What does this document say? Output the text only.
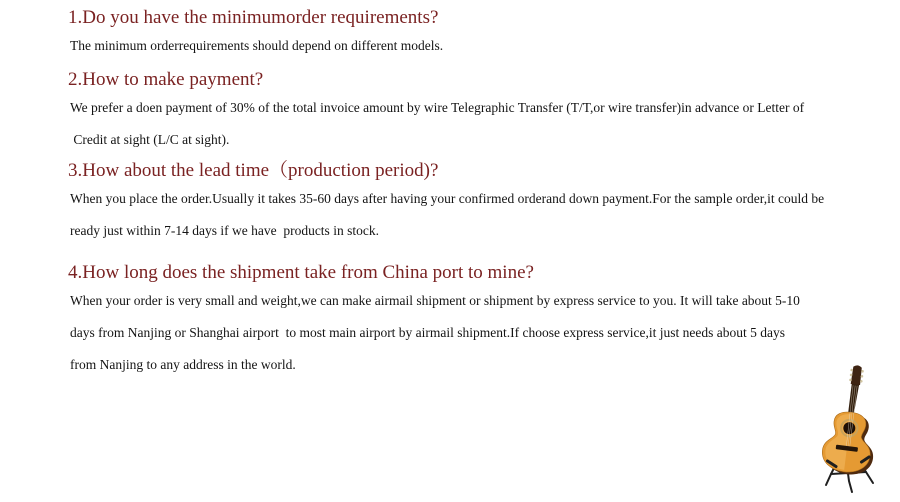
1.Do you have the minimumorder requirements?

The minimum orderrequirements should depend on different models.

2.How to make payment?

We prefer a doen payment of 30% of the total invoice amount by wire Telegraphic Transfer (T/T,or wire transfer)in advance or Letter of

Credit at sight (L/C at sight).

3.How about the lead time（production period)?

When you place the order.Usually it takes 35-60 days after having your confirmed orderand down payment.For the sample order,it could be

ready just within 7-14 days if we have  products in stock.

4.How long does the shipment take from China port to mine?

When your order is very small and weight,we can make airmail shipment or shipment by express service to you. It will take about 5-10

days from Nanjing or Shanghai airport  to most main airport by airmail shipment.If choose express service,it just needs about 5 days

from Nanjing to any address in the world.
